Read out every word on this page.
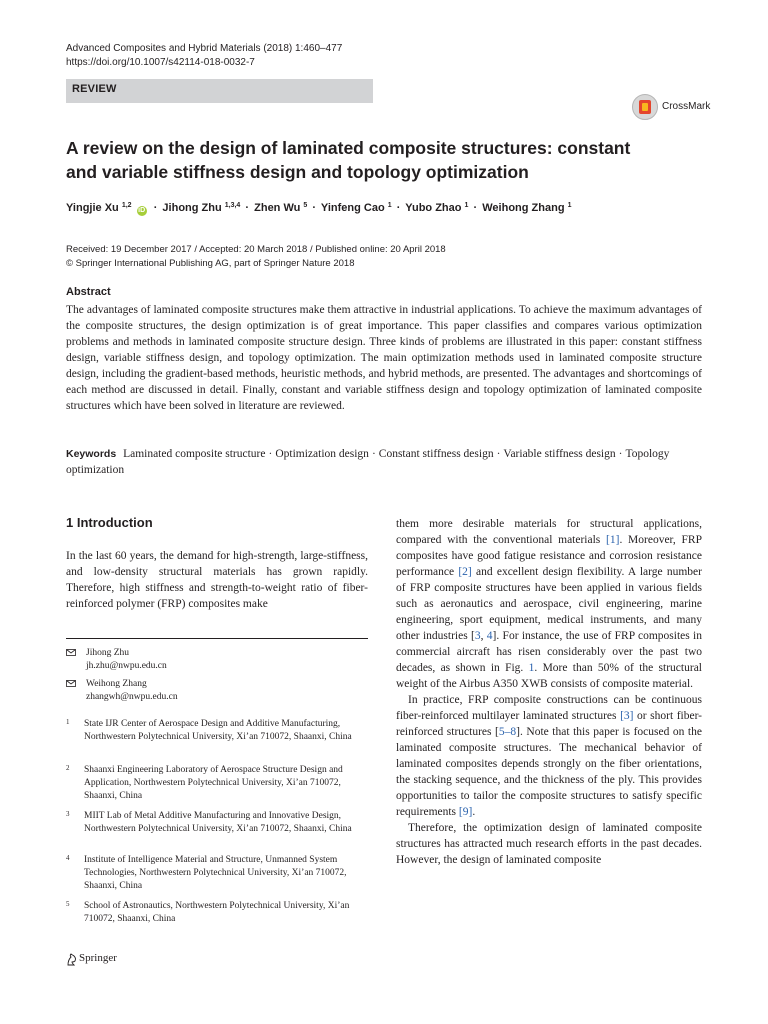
Advanced Composites and Hybrid Materials (2018) 1:460–477
https://doi.org/10.1007/s42114-018-0032-7
REVIEW
CrossMark
A review on the design of laminated composite structures: constant
and variable stiffness design and topology optimization
Yingjie Xu $^{1,2}$ iD · Jihong Zhu $^{1,3,4}$ · Zhen Wu $^5$ · Yinfeng Cao $^1$ · Yubo Zhao $^1$ · Weihong Zhang $^1$
Received: 19 December 2017 / Accepted: 20 March 2018 / Published online: 20 April 2018
© Springer International Publishing AG, part of Springer Nature 2018
Abstract
The advantages of laminated composite structures make them attractive in industrial applications. To achieve the maximum advantages of the composite structures, the design optimization is of great importance. This paper classifies and compares various optimization problems and methods in laminated composite structure design. Three kinds of problems are illustrated in this paper: constant stiffness design, variable stiffness design, and topology optimization. The main optimization methods used in laminated composite structure design, including the gradient-based methods, heuristic methods, and hybrid methods, are presented. The advantages and shortcomings of each method are discussed in detail. Finally, constant and variable stiffness design and topology optimization of laminated composite structures which have been solved in literature are reviewed.
Keywords Laminated composite structure · Optimization design · Constant stiffness design · Variable stiffness design · Topology optimization
1 Introduction
In the last 60 years, the demand for high-strength, large-stiffness, and low-density structural materials has grown rapidly. Therefore, high stiffness and strength-to-weight ratio of fiber-reinforced polymer (FRP) composites make

them more desirable materials for structural applications, compared with the conventional materials [1]. Moreover, FRP composites have good fatigue resistance and corrosion resistance performance [2] and excellent design flexibility. A large number of FRP composite structures have been applied in various fields such as aeronautics and aerospace, civil engineering, marine engineering, sport equipment, medical instruments, and many other industries [3, 4]. For instance, the use of FRP composites in commercial aircraft has risen considerably over the past two decades, as shown in Fig. 1. More than 50% of the structural weight of the Airbus A350 XWB consists of composite material.

In practice, FRP composite constructions can be continuous fiber-reinforced multilayer laminated structures [3] or short fiber-reinforced structures [5–8]. Note that this paper is focused on the laminated composite structures. The mechanical behavior of laminated composites depends strongly on the fiber orientations, the stacking sequence, and the thickness of the ply. This provides opportunities to tailor the composite structures to satisfy specific requirements [9].

Therefore, the optimization design of laminated composite structures has attracted much research efforts in the past decades. However, the design of laminated composite

Jihong Zhu
jh.zhu@nwpu.edu.cn
Weihong Zhang
zhangwh@nwpu.edu.cn
1 State IJR Center of Aerospace Design and Additive Manufacturing, Northwestern Polytechnical University, Xi’an 710072, Shaanxi, China
2 Shaanxi Engineering Laboratory of Aerospace Structure Design and Application, Northwestern Polytechnical University, Xi’an 710072, Shaanxi, China
3 MIIT Lab of Metal Additive Manufacturing and Innovative Design, Northwestern Polytechnical University, Xi’an 710072, Shaanxi, China
4 Institute of Intelligence Material and Structure, Unmanned System Technologies, Northwestern Polytechnical University, Xi’an 710072, Shaanxi, China
5 School of Astronautics, Northwestern Polytechnical University, Xi’an 710072, Shaanxi, China
Springer
